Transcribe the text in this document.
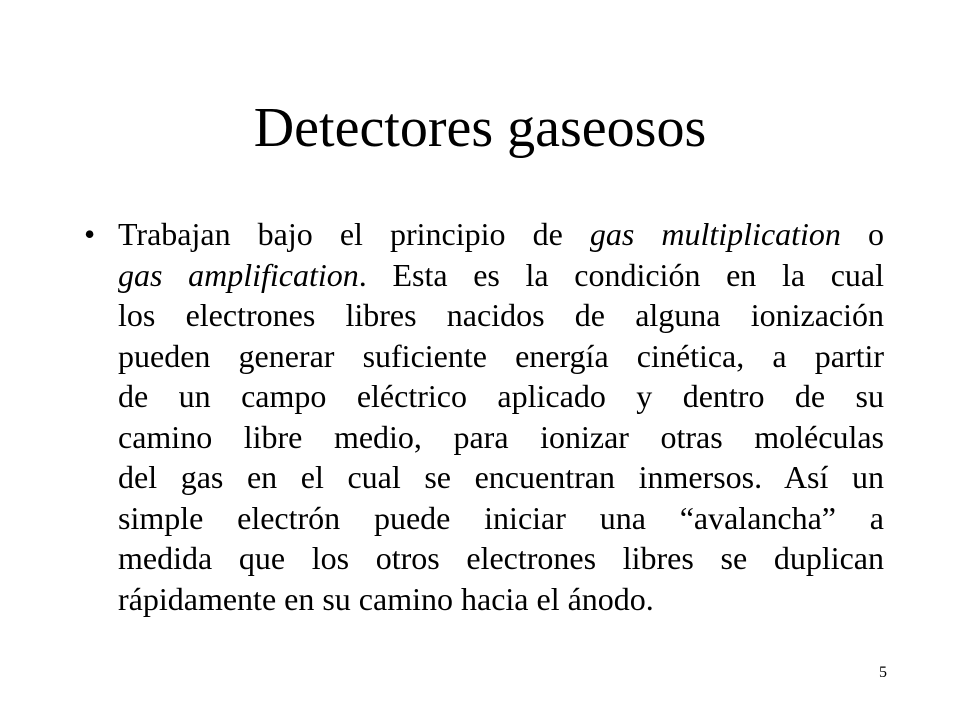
Detectores gaseosos
• Trabajan bajo el principio de gas multiplication o
gas amplification. Esta es la condición en la cual
los electrones libres nacidos de alguna ionización
pueden generar suficiente energía cinética, a partir
de un campo eléctrico aplicado y dentro de su
camino libre medio, para ionizar otras moléculas
del gas en el cual se encuentran inmersos. Así un
simple electrón puede iniciar una “avalancha” a
medida que los otros electrones libres se duplican
rápidamente en su camino hacia el ánodo.
5
